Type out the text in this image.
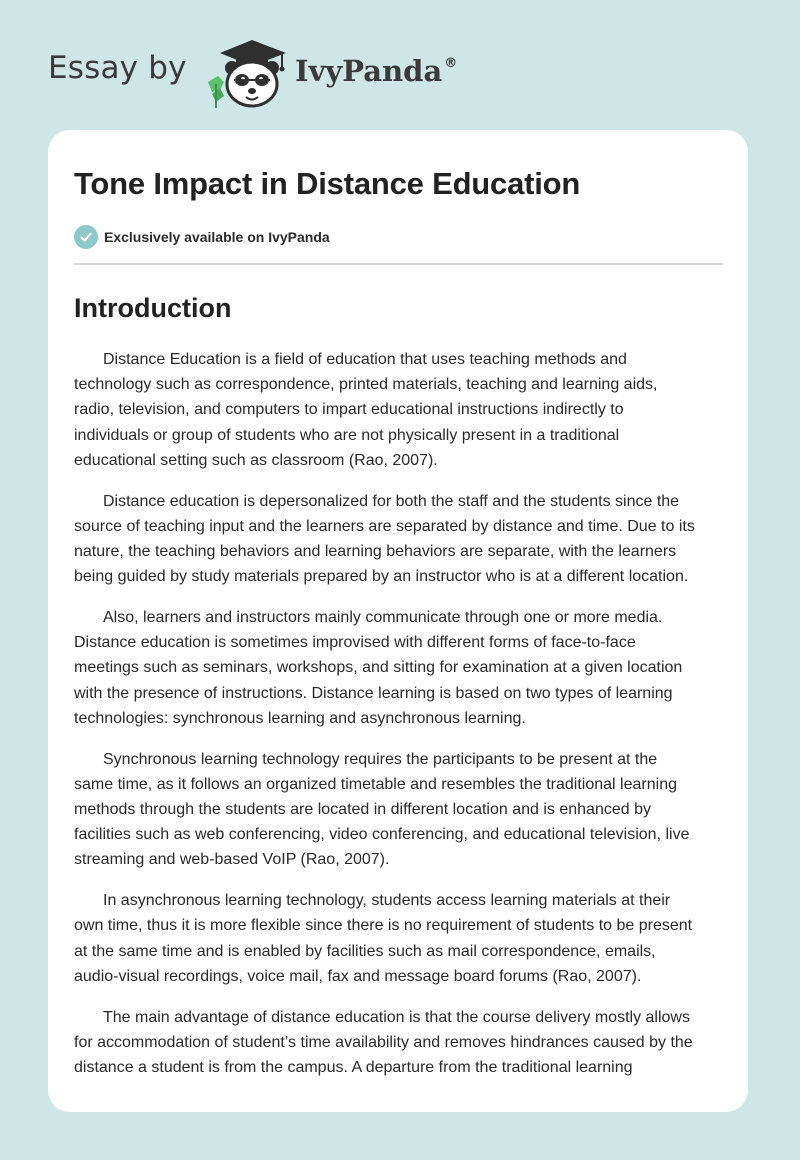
Essay by	IvyPanda ®
Tone Impact in Distance Education
Exclusively available on IvyPanda
Introduction

Distance Education is a field of education that uses teaching methods and
technology such as correspondence, printed materials, teaching and learning aids,
radio, television, and computers to impart educational instructions indirectly to
individuals or group of students who are not physically present in a traditional
educational setting such as classroom (Rao, 2007).

Distance education is depersonalized for both the staff and the students since the
source of teaching input and the learners are separated by distance and time. Due to its
nature, the teaching behaviors and learning behaviors are separate, with the learners
being guided by study materials prepared by an instructor who is at a different location.

Also, learners and instructors mainly communicate through one or more media.
Distance education is sometimes improvised with different forms of face-to-face
meetings such as seminars, workshops, and sitting for examination at a given location
with the presence of instructions. Distance learning is based on two types of learning
technologies: synchronous learning and asynchronous learning.

Synchronous learning technology requires the participants to be present at the
same time, as it follows an organized timetable and resembles the traditional learning
methods through the students are located in different location and is enhanced by
facilities such as web conferencing, video conferencing, and educational television, live
streaming and web-based VoIP (Rao, 2007).

In asynchronous learning technology, students access learning materials at their
own time, thus it is more flexible since there is no requirement of students to be present
at the same time and is enabled by facilities such as mail correspondence, emails,
audio-visual recordings, voice mail, fax and message board forums (Rao, 2007).

The main advantage of distance education is that the course delivery mostly allows
for accommodation of student’s time availability and removes hindrances caused by the
distance a student is from the campus. A departure from the traditional learning
